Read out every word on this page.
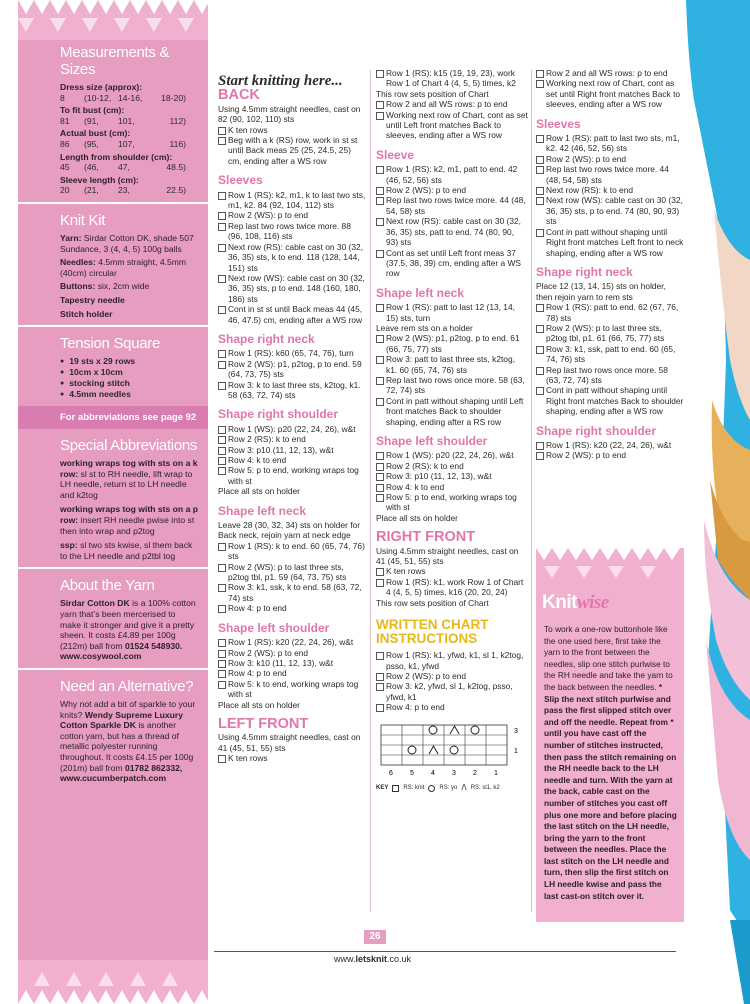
Measurements & Sizes
Dress size (approx):
8	(10-12, 14-16,	18-20)
To fit bust (cm):
81	(91,	101,	112)
Actual bust (cm):
86	(95,	107,	116)
Length from shoulder (cm):
45	(46,	47,	48.5)
Sleeve length (cm):
20	(21,	23,	22.5)
Knit Kit
Yarn: Sirdar Cotton DK, shade 507 Sundance, 3 (4, 4, 5) 100g balls
Needles: 4.5mm straight, 4.5mm (40cm) circular
Buttons: six, 2cm wide
Tapestry needle
Stitch holder
Tension Square
● 19 sts x 29 rows
● 10cm x 10cm
● stocking stitch
● 4.5mm needles
For abbreviations see page 92
Special Abbreviations
working wraps tog with sts on a k row: sl st to RH needle, lift wrap to LH needle, return st to LH needle and k2tog
working wraps tog with sts on a p row: insert RH needle pwise into st then into wrap and p2tog
ssp: sl two sts kwise, sl them back to the LH needle and p2tbl tog
About the Yarn
Sirdar Cotton DK is a 100% cotton yarn that’s been mercerised to make it stronger and give it a pretty sheen. It costs £4.89 per 100g (212m) ball from 01524 548930.
www.cosywool.com
Need an Alternative?
Why not add a bit of sparkle to your knits? Wendy Supreme Luxury Cotton Sparkle DK is another cotton yarn, but has a thread of metallic polyester running throughout. It costs £4.15 per 100g (201m) ball from 01782 862332,
www.cucumberpatch.com
Start knitting here...
BACK
Using 4.5mm straight needles, cast on 82 (90, 102, 110) sts
K ten rows
Beg with a k (RS) row, work in st st until Back meas 25 (25, 24.5, 25) cm, ending after a WS row
Sleeves
Row 1 (RS): k2, m1, k to last two sts, m1, k2. 84 (92, 104, 112) sts
Row 2 (WS): p to end
Rep last two rows twice more. 88 (96, 108, 116) sts
Next row (RS): cable cast on 30 (32, 36, 35) sts, k to end. 118 (128, 144, 151) sts
Next row (WS): cable cast on 30 (32, 36, 35) sts, p to end. 148 (160, 180, 186) sts
Cont in st st until Back meas 44 (45, 46, 47.5) cm, ending after a WS row
Shape right neck
Row 1 (RS): k60 (65, 74, 76), turn
Row 2 (WS): p1, p2tog, p to end. 59 (64, 73, 75) sts
Row 3: k to last three sts, k2tog, k1. 58 (63, 72, 74) sts
Shape right shoulder
Row 1 (WS): p20 (22, 24, 26), w&t
Row 2 (RS): k to end
Row 3: p10 (11, 12, 13), w&t
Row 4: k to end
Row 5: p to end, working wraps tog with st
Place all sts on holder
Shape left neck
Leave 28 (30, 32, 34) sts on holder for Back neck, rejoin yarn at neck edge
Row 1 (RS): k to end. 60 (65, 74, 76) sts
Row 2 (WS): p to last three sts, p2tog tbl, p1. 59 (64, 73, 75) sts
Row 3: k1, ssk, k to end. 58 (63, 72, 74) sts
Row 4: p to end
Shape left shoulder
Row 1 (RS): k20 (22, 24, 26), w&t
Row 2 (WS): p to end
Row 3: k10 (11, 12, 13), w&t
Row 4: p to end
Row 5: k to end, working wraps tog with st
Place all sts on holder
LEFT FRONT
Using 4.5mm straight needles, cast on 41 (45, 51, 55) sts
K ten rows
Row 1 (RS): k15 (19, 19, 23), work Row 1 of Chart 4 (4, 5, 5) times, k2
This row sets position of Chart
Row 2 and all WS rows: p to end
Working next row of Chart, cont as set until Left front matches Back to sleeves, ending after a WS row
Sleeve
Row 1 (RS): k2, m1, patt to end. 42 (46, 52, 56) sts
Row 2 (WS): p to end
Rep last two rows twice more. 44 (48, 54, 58) sts
Next row (RS): cable cast on 30 (32, 36, 35) sts, patt to end. 74 (80, 90, 93) sts
Cont as set until Left front meas 37 (37.5, 38, 39) cm, ending after a WS row
Shape left neck
Row 1 (RS): patt to last 12 (13, 14, 15) sts, turn
Leave rem sts on a holder
Row 2 (WS): p1, p2tog, p to end. 61 (66, 75, 77) sts
Row 3: patt to last three sts, k2tog, k1. 60 (65, 74, 76) sts
Rep last two rows once more. 58 (63, 72, 74) sts
Cont in patt without shaping until Left front matches Back to shoulder shaping, ending after a RS row
Shape left shoulder
Row 1 (WS): p20 (22, 24, 26), w&t
Row 2 (RS): k to end
Row 3: p10 (11, 12, 13), w&t
Row 4: k to end
Row 5: p to end, working wraps tog with st
Place all sts on holder
RIGHT FRONT
Using 4.5mm straight needles, cast on 41 (45, 51, 55) sts
K ten rows
Row 1 (RS): k1, work Row 1 of Chart 4 (4, 5, 5) times, k16 (20, 20, 24)
This row sets position of Chart
WRITTEN CHART INSTRUCTIONS
Row 1 (RS): k1, yfwd, k1, sl 1, k2tog, psso, k1, yfwd
Row 2 (WS): p to end
Row 3: k2, yfwd, sl 1, k2tog, psso, yfwd, k1
Row 4: p to end
3
1
6 5 4 3 2 1
KEY	RS: knit	RS: yo Λ RS: sl1, k2
Row 2 and all WS rows: p to end
Working next row of Chart, cont as set until Right front matches Back to sleeves, ending after a WS row
Sleeves
Row 1 (RS): patt to last two sts, m1, k2. 42 (46, 52, 56) sts
Row 2 (WS): p to end
Rep last two rows twice more. 44 (48, 54, 58) sts
Next row (RS): k to end
Next row (WS): cable cast on 30 (32, 36, 35) sts, p to end. 74 (80, 90, 93) sts
Cont in patt without shaping until Right front matches Left front to neck shaping, ending after a WS row
Shape right neck
Place 12 (13, 14, 15) sts on holder, then rejoin yarn to rem sts
Row 1 (RS): patt to end. 62 (67, 76, 78) sts
Row 2 (WS): p to last three sts, p2tog tbl, p1. 61 (66, 75, 77) sts
Row 3: k1, ssk, patt to end. 60 (65, 74, 76) sts
Rep last two rows once more. 58 (63, 72, 74) sts
Cont in patt without shaping until Right front matches Back to shoulder shaping, ending after a WS row
Shape right shoulder
Row 1 (RS): k20 (22, 24, 26), w&t
Row 2 (WS): p to end
Knitwise
To work a one-row buttonhole like the one used here, first take the yarn to the front between the needles, slip one stitch purlwise to the RH needle and take the yarn to the back between the needles. * Slip the next stitch purlwise and pass the first slipped stitch over and off the needle. Repeat from * until you have cast off the number of stitches instructed, then pass the stitch remaining on the RH needle back to the LH needle and turn. With the yarn at the back, cable cast on the number of stitches you cast off plus one more and before placing the last stitch on the LH needle, bring the yarn to the front between the needles. Place the last stitch on the LH needle and turn, then slip the first stitch on LH needle kwise and pass the last cast-on stitch over it.
26
www.letsknit.co.uk
